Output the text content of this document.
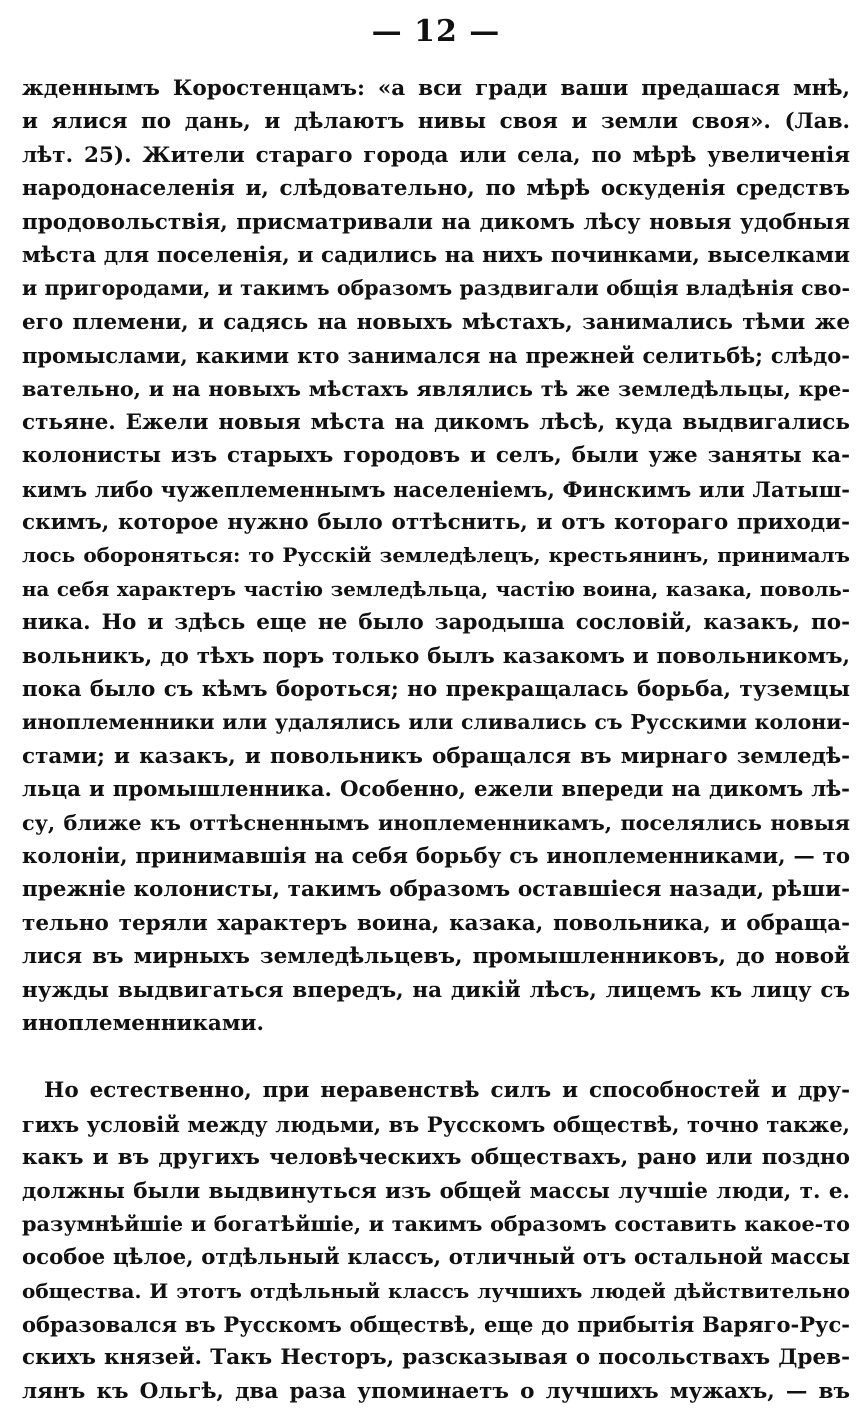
— 12 —
жденнымъ Коростенцамъ: «а вси гради ваши предашася мнѣ,
и ялися по дань, и дѣлаютъ нивы своя и земли своя». (Лав.
лѣт. 25). Жители стараго города или села, по мѣрѣ увеличенія
народонаселенія и, слѣдовательно, по мѣрѣ оскуденія средствъ
продовольствія, присматривали на дикомъ лѣсу новыя удобныя
мѣста для поселенія, и садились на нихъ починками, выселками
и пригородами, и такимъ образомъ раздвигали общія владѣнія сво-
его племени, и садясь на новыхъ мѣстахъ, занимались тѣми же
промыслами, какими кто занимался на прежней селитьбѣ; слѣдо-
вательно, и на новыхъ мѣстахъ являлись тѣ же земледѣльцы, кре-
стьяне. Ежели новыя мѣста на дикомъ лѣсѣ, куда выдвигались
колонисты изъ старыхъ городовъ и селъ, были уже заняты ка-
кимъ либо чужеплеменнымъ населеніемъ, Финскимъ или Латыш-
скимъ, которое нужно было оттѣснить, и отъ котораго приходи-
лось обороняться: то Русскій земледѣлецъ, крестьянинъ, принималъ
на себя характеръ частію земледѣльца, частію воина, казака, поволь-
ника. Но и здѣсь еще не было зародыша сословій, казакъ, по-
вольникъ, до тѣхъ поръ только былъ казакомъ и повольникомъ,
пока было съ кѣмъ бороться; но прекращалась борьба, туземцы
иноплеменники или удалялись или сливались съ Русскими колони-
стами; и казакъ, и повольникъ обращался въ мирнаго земледѣ-
льца и промышленника. Особенно, ежели впереди на дикомъ лѣ-
су, ближе къ оттѣсненнымъ иноплеменникамъ, поселялись новыя
колоніи, принимавшія на себя борьбу съ иноплеменниками, — то
прежніе колонисты, такимъ образомъ оставшіеся назади, рѣши-
тельно теряли характеръ воина, казака, повольника, и обраща-
лися въ мирныхъ земледѣльцевъ, промышленниковъ, до новой
нужды выдвигаться впередъ, на дикій лѣсъ, лицемъ къ лицу съ
иноплеменниками.
Но естественно, при неравенствѣ силъ и способностей и дру-
гихъ условій между людьми, въ Русскомъ обществѣ, точно также,
какъ и въ другихъ человѣческихъ обществахъ, рано или поздно
должны были выдвинуться изъ общей массы лучшіе люди, т. е.
разумнѣйшіе и богатѣйшіе, и такимъ образомъ составить какое-то
особое цѣлое, отдѣльный классъ, отличный отъ остальной массы
общества. И этотъ отдѣльный классъ лучшихъ людей дѣйствительно
образовался въ Русскомъ обществѣ, еще до прибытія Варяго-Рус-
скихъ князей. Такъ Несторъ, разсказывая о посольствахъ Древ-
лянъ къ Ольгѣ, два раза упоминаетъ о лучшихъ мужахъ, — въ
